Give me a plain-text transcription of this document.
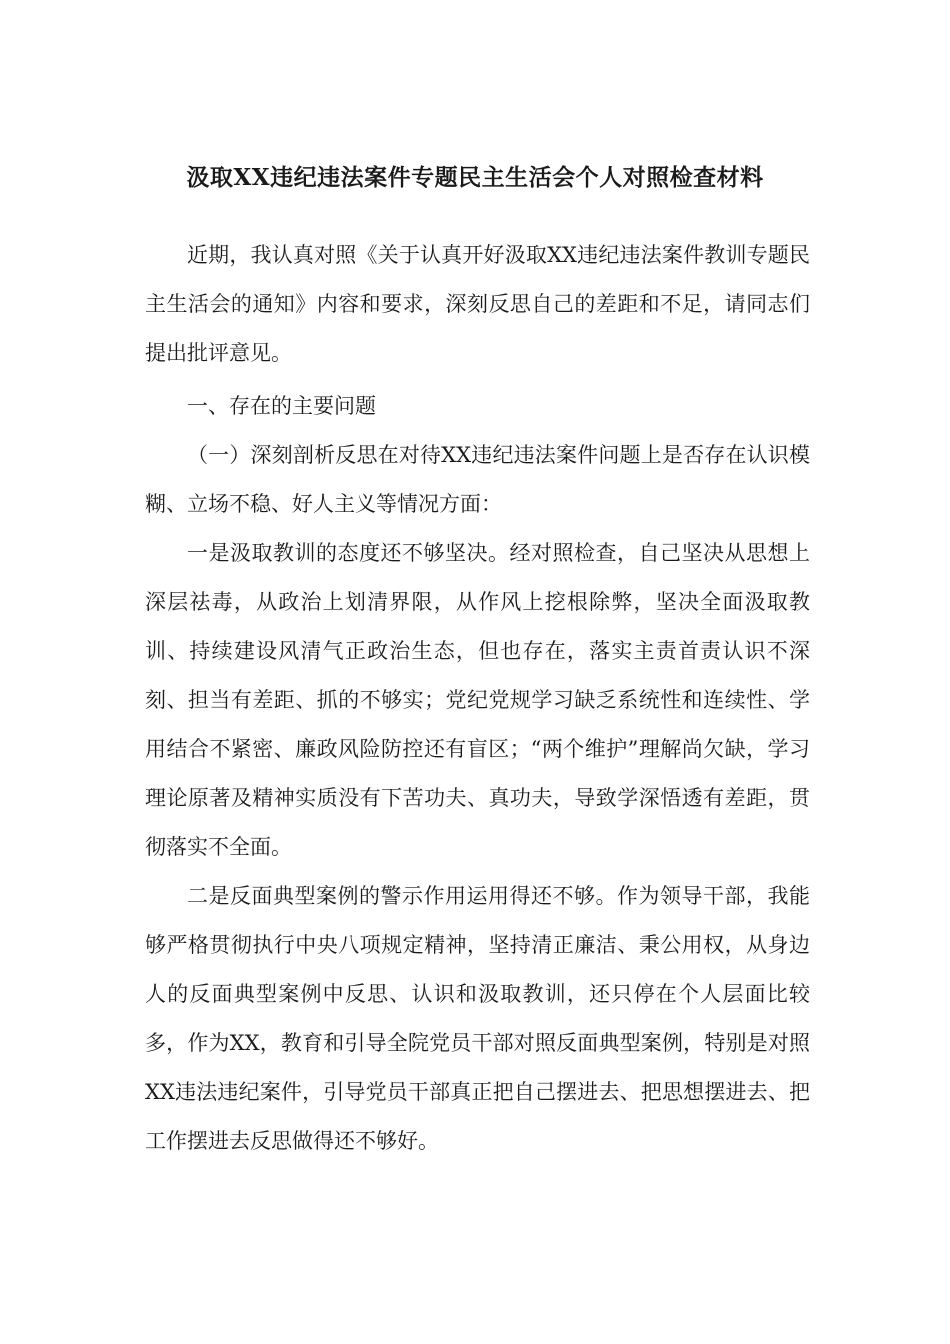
汲取XX违纪违法案件专题民主生活会个人对照检查材料

近期，我认真对照《关于认真开好汲取XX违纪违法案件教训专题民主生活会的通知》内容和要求，深刻反思自己的差距和不足，请同志们提出批评意见。

一、存在的主要问题

（一）深刻剖析反思在对待XX违纪违法案件问题上是否存在认识模糊、立场不稳、好人主义等情况方面：

一是汲取教训的态度还不够坚决。经对照检查，自己坚决从思想上深层祛毒，从政治上划清界限，从作风上挖根除弊，坚决全面汲取教训、持续建设风清气正政治生态，但也存在，落实主责首责认识不深刻、担当有差距、抓的不够实；党纪党规学习缺乏系统性和连续性、学用结合不紧密、廉政风险防控还有盲区；“两个维护”理解尚欠缺，学习理论原著及精神实质没有下苦功夫、真功夫，导致学深悟透有差距，贯彻落实不全面。

二是反面典型案例的警示作用运用得还不够。作为领导干部，我能够严格贯彻执行中央八项规定精神，坚持清正廉洁、秉公用权，从身边人的反面典型案例中反思、认识和汲取教训，还只停在个人层面比较多，作为XX，教育和引导全院党员干部对照反面典型案例，特别是对照XX违法违纪案件，引导党员干部真正把自己摆进去、把思想摆进去、把工作摆进去反思做得还不够好。
